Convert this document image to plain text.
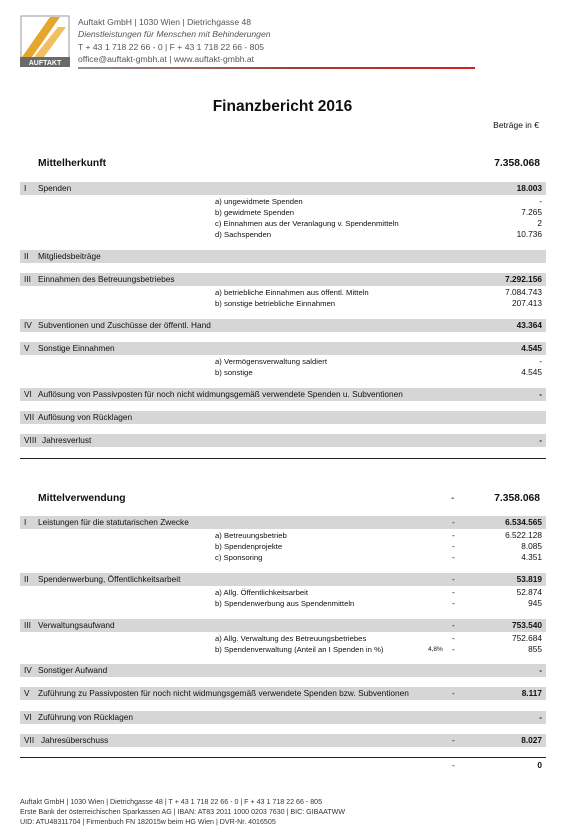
AUFTAKT
Auftakt GmbH | 1030 Wien | Dietrichgasse 48
Dienstleistungen für Menschen mit Behinderungen
T + 43 1 718 22 66 - 0 | F + 43 1 718 22 66 - 805
office@auftakt-gmbh.at | www.auftakt-gmbh.at
Finanzbericht 2016
Beträge in €
Mittelherkunft	7.358.068
I Spenden	18.003
a) ungewidmete Spenden	-
b) gewidmete Spenden	7.265
c) Einnahmen aus der Veranlagung v. Spendenmitteln	2
d) Sachspenden	10.736
II Mitgliedsbeiträge
III Einnahmen des Betreuungsbetriebes	7.292.156
a) betriebliche Einnahmen aus öffentl. Mitteln	7.084.743
b) sonstige betriebliche Einnahmen	207.413
IV Subventionen und Zuschüsse der öffentl. Hand	43.364
V Sonstige Einnahmen	4.545
a) Vermögensverwaltung saldiert	-
b) sonstige	4.545
VI Auflösung von Passivposten für noch nicht widmungsgemäß verwendete Spenden u. Subventionen	-
VII Auflösung von Rücklagen
VIII Jahresverlust	-
Mittelverwendung	-	7.358.068
I Leistungen für die statutarischen Zwecke	-	6.534.565
a) Betreuungsbetrieb	-	6.522.128
b) Spendenprojekte	-	8.085
c) Sponsoring	-	4.351
II Spendenwerbung, Öffentlichkeitsarbeit	-	53.819
a) Allg. Öffentlichkeitsarbeit	-	52.874
b) Spendenwerbung aus Spendenmitteln	-	945
III Verwaltungsaufwand	-	753.540
a) Allg. Verwaltung des Betreuungsbetriebes	-	752.684
b) Spendenverwaltung (Anteil an I Spenden in %)	4,8% -	855
IV Sonstiger Aufwand	-
V Zuführung zu Passivposten für noch nicht widmungsgemäß verwendete Spenden bzw. Subventionen	-	8.117
VI Zuführung von Rücklagen	-
VII Jahresüberschuss	-	8.027
-	0
Auftakt GmbH | 1030 Wien | Dietrichgasse 48 | T + 43 1 718 22 66 - 0 | F + 43 1 718 22 66 - 805
Erste Bank der österreichischen Sparkassen AG | IBAN: AT83 2011 1000 0203 7630 | BIC: GIBAATWW
UID: ATU48311704 | Firmenbuch FN 182015w beim HG Wien | DVR-Nr. 4016505
